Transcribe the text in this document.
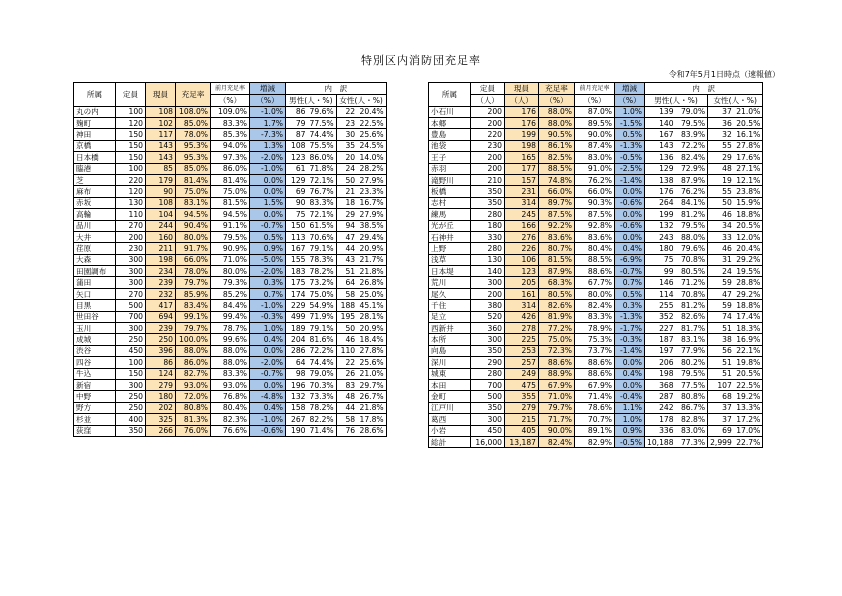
特別区内消防団充足率
令和7年5月1日時点（速報値）
所属	定員	現員	充足率	前月充足率	増減	内　訳			
				（%）	（%）	男性(人・%)		女性(人・%)	
丸の内	100	108	108.0%	109.0%	-1.0%	86	79.6%	22	20.4%
麹町	120	102	85.0%	83.3%	1.7%	79	77.5%	23	22.5%
神田	150	117	78.0%	85.3%	-7.3%	87	74.4%	30	25.6%
京橋	150	143	95.3%	94.0%	1.3%	108	75.5%	35	24.5%
日本橋	150	143	95.3%	97.3%	-2.0%	123	86.0%	20	14.0%
臨港	100	85	85.0%	86.0%	-1.0%	61	71.8%	24	28.2%
芝	220	179	81.4%	81.4%	0.0%	129	72.1%	50	27.9%
麻布	120	90	75.0%	75.0%	0.0%	69	76.7%	21	23.3%
赤坂	130	108	83.1%	81.5%	1.5%	90	83.3%	18	16.7%
高輪	110	104	94.5%	94.5%	0.0%	75	72.1%	29	27.9%
品川	270	244	90.4%	91.1%	-0.7%	150	61.5%	94	38.5%
大井	200	160	80.0%	79.5%	0.5%	113	70.6%	47	29.4%
荏原	230	211	91.7%	90.9%	0.9%	167	79.1%	44	20.9%
大森	300	198	66.0%	71.0%	-5.0%	155	78.3%	43	21.7%
田園調布	300	234	78.0%	80.0%	-2.0%	183	78.2%	51	21.8%
蒲田	300	239	79.7%	79.3%	0.3%	175	73.2%	64	26.8%
矢口	270	232	85.9%	85.2%	0.7%	174	75.0%	58	25.0%
目黒	500	417	83.4%	84.4%	-1.0%	229	54.9%	188	45.1%
世田谷	700	694	99.1%	99.4%	-0.3%	499	71.9%	195	28.1%
玉川	300	239	79.7%	78.7%	1.0%	189	79.1%	50	20.9%
成城	250	250	100.0%	99.6%	0.4%	204	81.6%	46	18.4%
渋谷	450	396	88.0%	88.0%	0.0%	286	72.2%	110	27.8%
四谷	100	86	86.0%	88.0%	-2.0%	64	74.4%	22	25.6%
牛込	150	124	82.7%	83.3%	-0.7%	98	79.0%	26	21.0%
新宿	300	279	93.0%	93.0%	0.0%	196	70.3%	83	29.7%
中野	250	180	72.0%	76.8%	-4.8%	132	73.3%	48	26.7%
野方	250	202	80.8%	80.4%	0.4%	158	78.2%	44	21.8%
杉並	400	325	81.3%	82.3%	-1.0%	267	82.2%	58	17.8%
荻窪	350	266	76.0%	76.6%	-0.6%	190	71.4%	76	28.6%
所属	定員	現員	充足率	前月充足率	増減	内　訳			
	（人）	（人）	（%）	（%）	（%）	男性(人・%)		女性(人・%)	
小石川	200	176	88.0%	87.0%	1.0%	139	79.0%	37	21.0%
本郷	200	176	88.0%	89.5%	-1.5%	140	79.5%	36	20.5%
豊島	220	199	90.5%	90.0%	0.5%	167	83.9%	32	16.1%
池袋	230	198	86.1%	87.4%	-1.3%	143	72.2%	55	27.8%
王子	200	165	82.5%	83.0%	-0.5%	136	82.4%	29	17.6%
赤羽	200	177	88.5%	91.0%	-2.5%	129	72.9%	48	27.1%
滝野川	210	157	74.8%	76.2%	-1.4%	138	87.9%	19	12.1%
板橋	350	231	66.0%	66.0%	0.0%	176	76.2%	55	23.8%
志村	350	314	89.7%	90.3%	-0.6%	264	84.1%	50	15.9%
練馬	280	245	87.5%	87.5%	0.0%	199	81.2%	46	18.8%
光が丘	180	166	92.2%	92.8%	-0.6%	132	79.5%	34	20.5%
石神井	330	276	83.6%	83.6%	0.0%	243	88.0%	33	12.0%
上野	280	226	80.7%	80.4%	0.4%	180	79.6%	46	20.4%
浅草	130	106	81.5%	88.5%	-6.9%	75	70.8%	31	29.2%
日本堤	140	123	87.9%	88.6%	-0.7%	99	80.5%	24	19.5%
荒川	300	205	68.3%	67.7%	0.7%	146	71.2%	59	28.8%
尾久	200	161	80.5%	80.0%	0.5%	114	70.8%	47	29.2%
千住	380	314	82.6%	82.4%	0.3%	255	81.2%	59	18.8%
足立	520	426	81.9%	83.3%	-1.3%	352	82.6%	74	17.4%
西新井	360	278	77.2%	78.9%	-1.7%	227	81.7%	51	18.3%
本所	300	225	75.0%	75.3%	-0.3%	187	83.1%	38	16.9%
向島	350	253	72.3%	73.7%	-1.4%	197	77.9%	56	22.1%
深川	290	257	88.6%	88.6%	0.0%	206	80.2%	51	19.8%
城東	280	249	88.9%	88.6%	0.4%	198	79.5%	51	20.5%
本田	700	475	67.9%	67.9%	0.0%	368	77.5%	107	22.5%
金町	500	355	71.0%	71.4%	-0.4%	287	80.8%	68	19.2%
江戸川	350	279	79.7%	78.6%	1.1%	242	86.7%	37	13.3%
葛西	300	215	71.7%	70.7%	1.0%	178	82.8%	37	17.2%
小岩	450	405	90.0%	89.1%	0.9%	336	83.0%	69	17.0%
総計	16,000	13,187	82.4%	82.9%	-0.5%	10,188	77.3%	2,999	22.7%
